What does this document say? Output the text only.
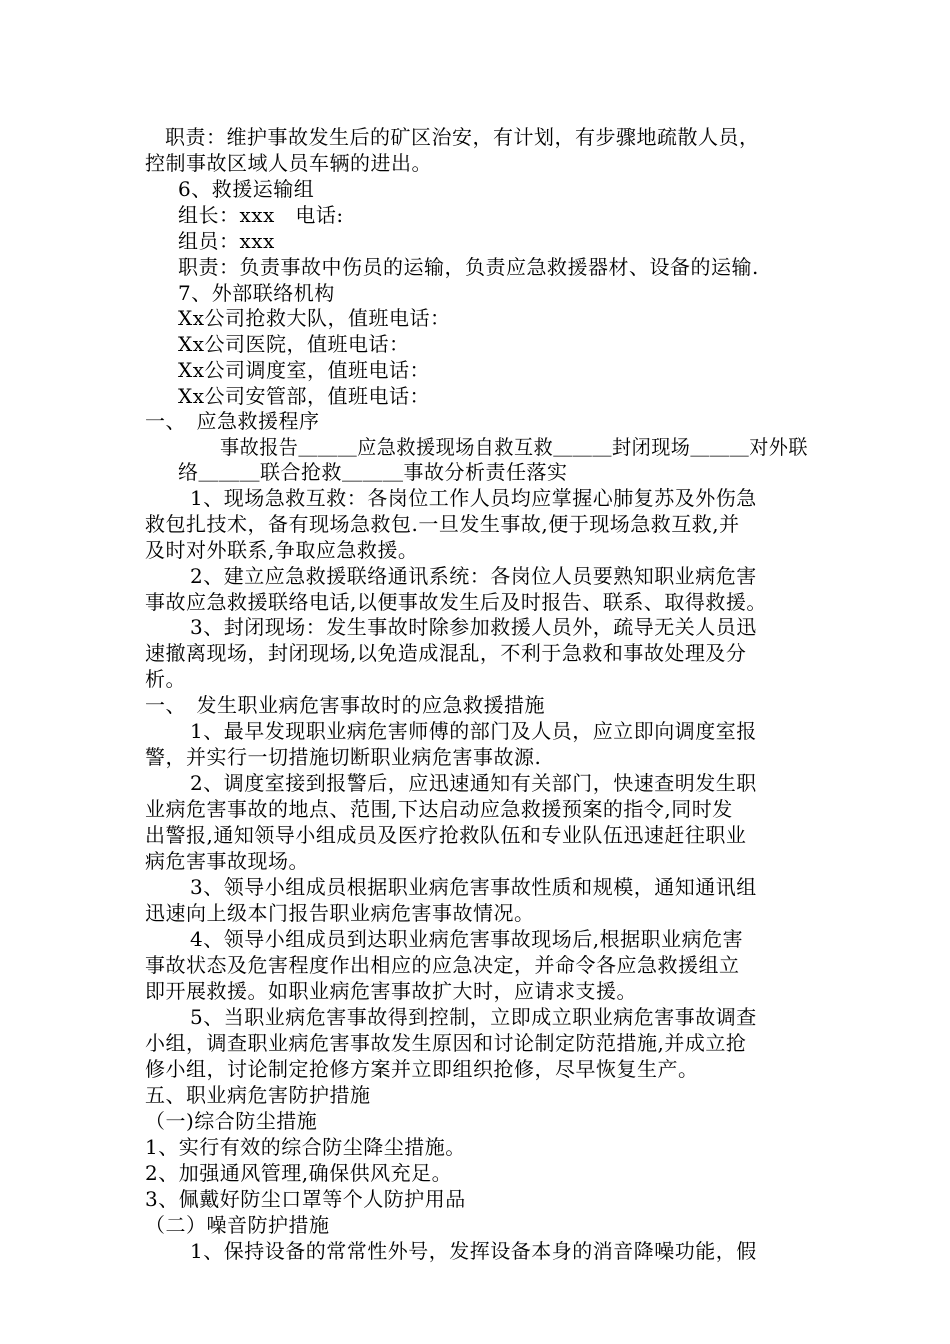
职责：维护事故发生后的矿区治安，有计划，有步骤地疏散人员，
控制事故区域人员车辆的进出。
6、救援运输组
组长：xxx　电话:
组员：xxx
职责：负责事故中伤员的运输，负责应急救援器材、设备的运输.
7、外部联络机构
Xx公司抢救大队，值班电话：
Xx公司医院，值班电话：
Xx公司调度室，值班电话：
Xx公司安管部，值班电话：
一、　应急救援程序
事故报告＿＿＿应急救援现场自救互救＿＿＿封闭现场＿＿＿对外联
络＿＿＿联合抢救＿＿＿事故分析责任落实
1、现场急救互救：各岗位工作人员均应掌握心肺复苏及外伤急
救包扎技术，备有现场急救包.一旦发生事故,便于现场急救互救,并
及时对外联系,争取应急救援。
2、建立应急救援联络通讯系统：各岗位人员要熟知职业病危害
事故应急救援联络电话,以便事故发生后及时报告、联系、取得救援。
3、封闭现场：发生事故时除参加救援人员外，疏导无关人员迅
速撤离现场，封闭现场,以免造成混乱，不利于急救和事故处理及分
析。
一、　发生职业病危害事故时的应急救援措施
1、最早发现职业病危害师傅的部门及人员，应立即向调度室报
警，并实行一切措施切断职业病危害事故源.
2、调度室接到报警后，应迅速通知有关部门，快速查明发生职
业病危害事故的地点、范围,下达启动应急救援预案的指令,同时发
出警报,通知领导小组成员及医疗抢救队伍和专业队伍迅速赶往职业
病危害事故现场。
3、领导小组成员根据职业病危害事故性质和规模，通知通讯组
迅速向上级本门报告职业病危害事故情况。
4、领导小组成员到达职业病危害事故现场后,根据职业病危害
事故状态及危害程度作出相应的应急决定，并命令各应急救援组立
即开展救援。如职业病危害事故扩大时，应请求支援。
5、当职业病危害事故得到控制，立即成立职业病危害事故调查
小组，调查职业病危害事故发生原因和讨论制定防范措施,并成立抢
修小组，讨论制定抢修方案并立即组织抢修，尽早恢复生产。
五、职业病危害防护措施
（一)综合防尘措施
1、实行有效的综合防尘降尘措施。
2、加强通风管理,确保供风充足。
3、佩戴好防尘口罩等个人防护用品
（二）噪音防护措施
1、保持设备的常常性外号，发挥设备本身的消音降噪功能，假
